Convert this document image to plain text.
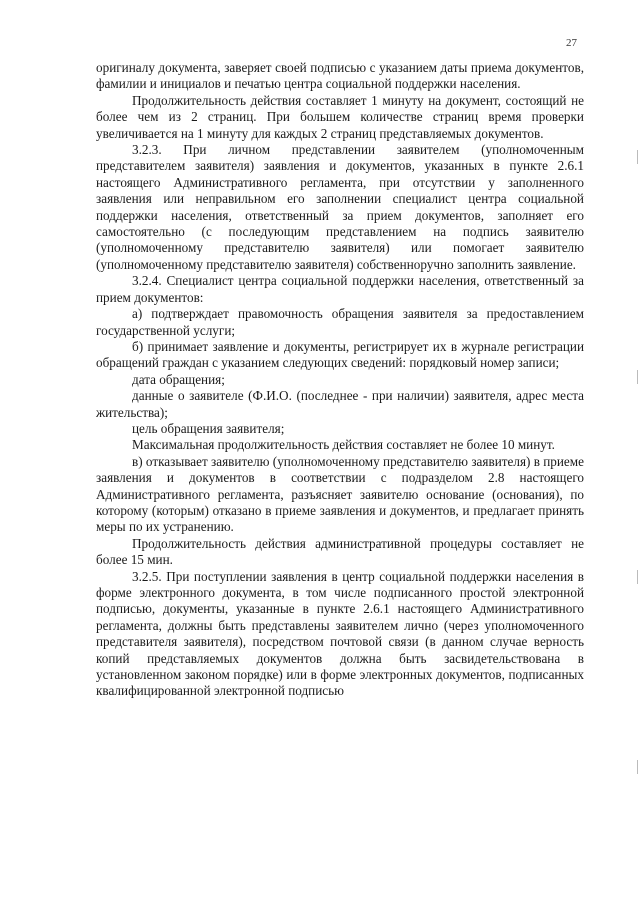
27

оригиналу документа, заверяет своей подписью с указанием даты приема документов, фамилии и инициалов и печатью центра социальной поддержки населения.

Продолжительность действия составляет 1 минуту на документ, состоящий не более чем из 2 страниц. При большем количестве страниц время проверки увеличивается на 1 минуту для каждых 2 страниц представляемых документов.

3.2.3. При личном представлении заявителем (уполномоченным представителем заявителя) заявления и документов, указанных в пункте 2.6.1 настоящего Административного регламента, при отсутствии у заполненного заявления или неправильном его заполнении специалист центра социальной поддержки населения, ответственный за прием документов, заполняет его самостоятельно (с последующим представлением на подпись заявителю (уполномоченному представителю заявителя) или помогает заявителю (уполномоченному представителю заявителя) собственноручно заполнить заявление.

3.2.4. Специалист центра социальной поддержки населения, ответственный за прием документов:

а) подтверждает правомочность обращения заявителя за предоставлением государственной услуги;

б) принимает заявление и документы, регистрирует их в журнале регистрации обращений граждан с указанием следующих сведений: порядковый номер записи;

дата обращения;

данные о заявителе (Ф.И.О. (последнее - при наличии) заявителя, адрес места жительства);

цель обращения заявителя;

Максимальная продолжительность действия составляет не более 10 минут.

в) отказывает заявителю (уполномоченному представителю заявителя) в приеме заявления и документов в соответствии с подразделом 2.8 настоящего Административного регламента, разъясняет заявителю основание (основания), по которому (которым) отказано в приеме заявления и документов, и предлагает принять меры по их устранению.

Продолжительность действия административной процедуры составляет не более 15 мин.

3.2.5. При поступлении заявления в центр социальной поддержки населения в форме электронного документа, в том числе подписанного простой электронной подписью, документы, указанные в пункте 2.6.1 настоящего Административного регламента, должны быть представлены заявителем лично (через уполномоченного представителя заявителя), посредством почтовой связи (в данном случае верность копий представляемых документов должна быть засвидетельствована в установленном законом порядке) или в форме электронных документов, подписанных квалифицированной электронной подписью
